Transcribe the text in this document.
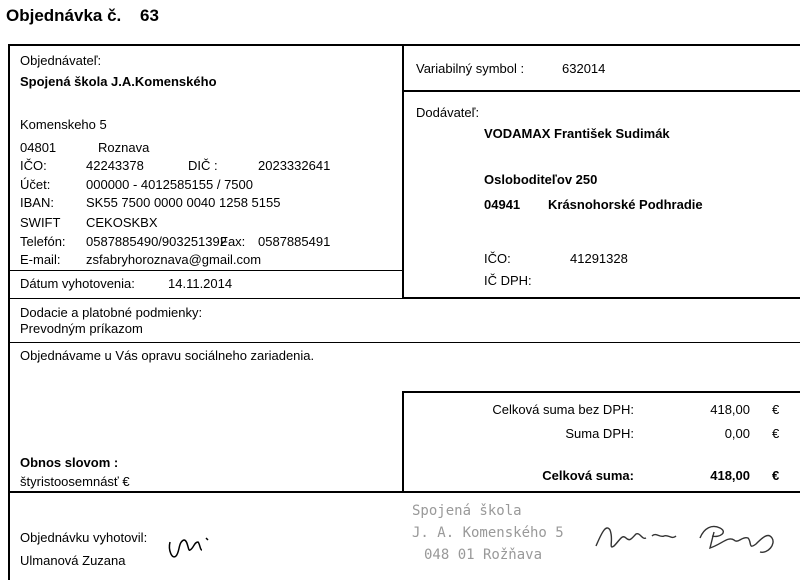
Objednávka č. 63
Objednávateľ:
Spojená škola J.A.Komenského
Komenskeho 5
04801	Roznava
IČO:	42243378	DIČ :	2023332641
Účet:	000000 - 4012585155 / 7500
IBAN: SK55 7500 0000 0040 1258 5155
SWIFT CEKOSKBX
Telefón: 0587885490/903251392
Fax: 0587885491
E-mail: zsfabryhoroznava@gmail.com
Dátum vyhotovenia:	14.11.2014
Variabilný symbol :	632014
Dodávateľ:
VODAMAX František Sudimák
Osloboditeľov 250
04941 Krásnohorské Podhradie
IČO:	41291328
IČ DPH:
Dodacie a platobné podmienky:
Prevodným príkazom
Objednávame u Vás opravu sociálneho zariadenia.
Celková suma bez DPH:	418,00 €
Suma DPH:	0,00 €
Celková suma:	418,00 €
Obnos slovom :
štyristoosemnásť €
Objednávku vyhotovil:
Ulmanová Zuzana
Spojená škola
J. A. Komenského 5
048 01 Rožňava
